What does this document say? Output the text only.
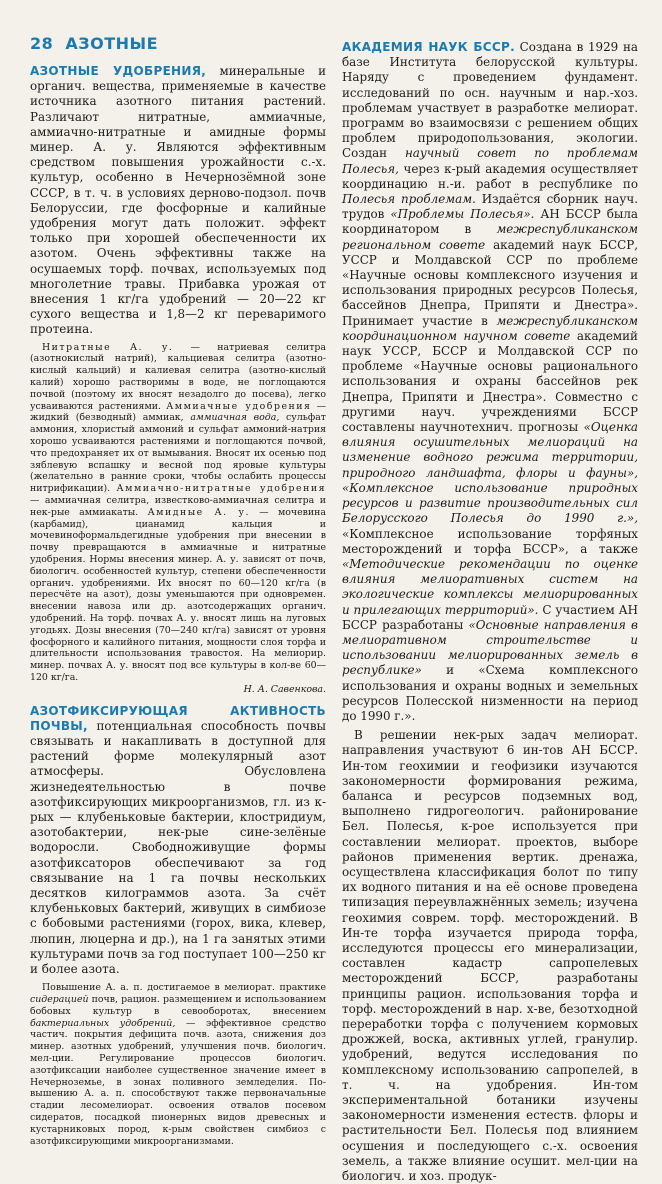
28 АЗОТНЫЕ

АЗОТНЫЕ УДОБРЕНИЯ, минеральные и органич. вещества, применяемые в качестве источника азотного питания растений. Различают нитратные, аммиачные, аммиачно-нитратные и амидные формы минер. А. у. Являются эффективным средством повышения урожайности с.-х. культур, особенно в Нечернозёмной зоне СССР, в т. ч. в условиях дерново-подзол. почв Белоруссии, где фосфорные и калийные удобрения могут дать положит. эффект только при хорошей обеспеченности их азотом. Очень эффективны также на осушаемых торф. почвах, используемых под многолетние травы. Прибавка урожая от внесения 1 кг/га удобрений — 20—22 кг сухого вещества и 1,8—2 кг переваримого протеина.

Нитратные А. у. — натриевая селитра (азотнокислый натрий), кальциевая селитра (азотно-кислый кальций) и калиевая селитра (азотно-кислый калий) хорошо растворимы в воде, не поглощаются почвой (поэтому их вносят незадолго до посева), легко усваиваются растениями. Аммиачные удобрения — жидкий (безводный) аммиак, аммиачная вода, сульфат аммония, хлористый аммоний и сульфат аммоний-натрия хорошо усваиваются растениями и поглощаются почвой, что предохраняет их от вымывания. Вносят их осенью под зяблевую вспашку и весной под яровые культуры (желательно в ранние сроки, чтобы ослабить процессы нитрификации). Аммиачно-нитратные удобрения — аммиачная селитра, известково-аммиачная селитра и нек-рые аммиакаты. Амидные А. у. — мочевина (карбамид), цианамид кальция и мочевиноформальдегидные удобрения при внесении в почву превращаются в аммиачные и нитратные удобрения. Нормы внесения минер. А. у. зависят от почв, биологич. особенностей культур, степени обеспеченности органич. удобрениями. Их вносят по 60—120 кг/га (в пересчёте на азот), дозы уменьшаются при одновремен. внесении навоза или др. азотсодержащих органич. удобрений. На торф. почвах А. у. вносят лишь на луговых угодьях. Дозы внесения (70—240 кг/га) зависят от уровня фосфорного и калийного питания, мощности слоя торфа и длительности использования травостоя. На мелиорир. минер. почвах А. у. вносят под все культуры в кол-ве 60—120 кг/га.

Н. А. Савенкова.

АЗОТФИКСИРУЮЩАЯ АКТИВНОСТЬ ПОЧВЫ, потенциальная способность почвы связывать и накапливать в доступной для растений форме молекулярный азот атмосферы. Обусловлена жизнедеятельностью в почве азотфиксирующих микроорганизмов, гл. из к-рых — клубеньковые бактерии, клостридиум, азотобактерии, нек-рые сине-зелёные водоросли. Свободноживущие формы азотфиксаторов обеспечивают за год связывание на 1 га почвы нескольких десятков килограммов азота. За счёт клубеньковых бактерий, живущих в симбиозе с бобовыми растениями (горох, вика, клевер, люпин, люцерна и др.), на 1 га занятых этими культурами почв за год поступает 100—250 кг и более азота.

Повышение А. а. п. достигаемое в мелиорат. практике сидерацией почв, рацион. размещением и использованием бобовых культур в севооборотах, внесением бактериальных удобрений, — эффективное средство частич. покрытия дефицита почв. азота, снижения доз минер. азотных удобрений, улучшения почв. биологич. мел-ции. Регулирование процессов биологич. азотфиксации наиболее существенное значение имеет в Нечерноземье, в зонах поливного земледелия. Повышению А. а. п. способствуют также первоначальные стадии лесомелиорат. освоения отвалов посевом сидератов, посадкой пионерных видов древесных и кустарниковых пород, к-рым свойствен симбиоз с азотфиксирующими микроорганизмами.

АКАДЕМИЯ НАУК БССР. Создана в 1929 на базе Института белорусской культуры. Наряду с проведением фундамент. исследований по осн. научным и нар.-хоз. проблемам участвует в разработке мелиорат. программ во взаимосвязи с решением общих проблем природопользования, экологии. Создан научный совет по проблемам Полесья, через к-рый академия осуществляет координацию н.-и. работ в республике по Полесья проблемам. Издаётся сборник науч. трудов «Проблемы Полесья». АН БССР была координатором в межреспубликанском региональном совете академий наук БССР, УССР и Молдавской ССР по проблеме «Научные основы комплексного изучения и использования природных ресурсов Полесья, бассейнов Днепра, Припяти и Днестра». Принимает участие в межреспубликанском координационном научном совете академий наук УССР, БССР и Молдавской ССР по проблеме «Научные основы рационального использования и охраны бассейнов рек Днепра, Припяти и Днестра». Совместно с другими науч. учреждениями БССР составлены научнотехнич. прогнозы «Оценка влияния осушительных мелиораций на изменение водного режима территории, природного ландшафта, флоры и фауны», «Комплексное использование природных ресурсов и развитие производительных сил Белорусского Полесья до 1990 г.», «Комплексное использование торфяных месторождений и торфа БССР», а также «Методические рекомендации по оценке влияния мелиоративных систем на экологические комплексы мелиорированных и прилегающих территорий». С участием АН БССР разработаны «Основные направления в мелиоративном строительстве и использовании мелиорированных земель в республике» и «Схема комплексного использования и охраны водных и земельных ресурсов Полесской низменности на период до 1990 г.».

В решении нек-рых задач мелиорат. направления участвуют 6 ин-тов АН БССР. Ин-том геохимии и геофизики изучаются закономерности формирования режима, баланса и ресурсов подземных вод, выполнено гидрогеологич. районирование Бел. Полесья, к-рое используется при составлении мелиорат. проектов, выборе районов применения вертик. дренажа, осуществлена классификация болот по типу их водного питания и на её основе проведена типизация переувлажнённых земель; изучена геохимия соврем. торф. месторождений. В Ин-те торфа изучается природа торфа, исследуются процессы его минерализации, составлен кадастр сапропелевых месторождений БССР, разработаны принципы рацион. использования торфа и торф. месторождений в нар. х-ве, безотходной переработки торфа с получением кормовых дрожжей, воска, активных углей, гранулир. удобрений, ведутся исследования по комплексному использованию сапропелей, в т. ч. на удобрения. Ин-том экспериментальной ботаники изучены закономерности изменения естеств. флоры и растительности Бел. Полесья под влиянием осушения и последующего с.-х. освоения земель, а также влияние осушит. мел-ции на биологич. и хоз. продук-
